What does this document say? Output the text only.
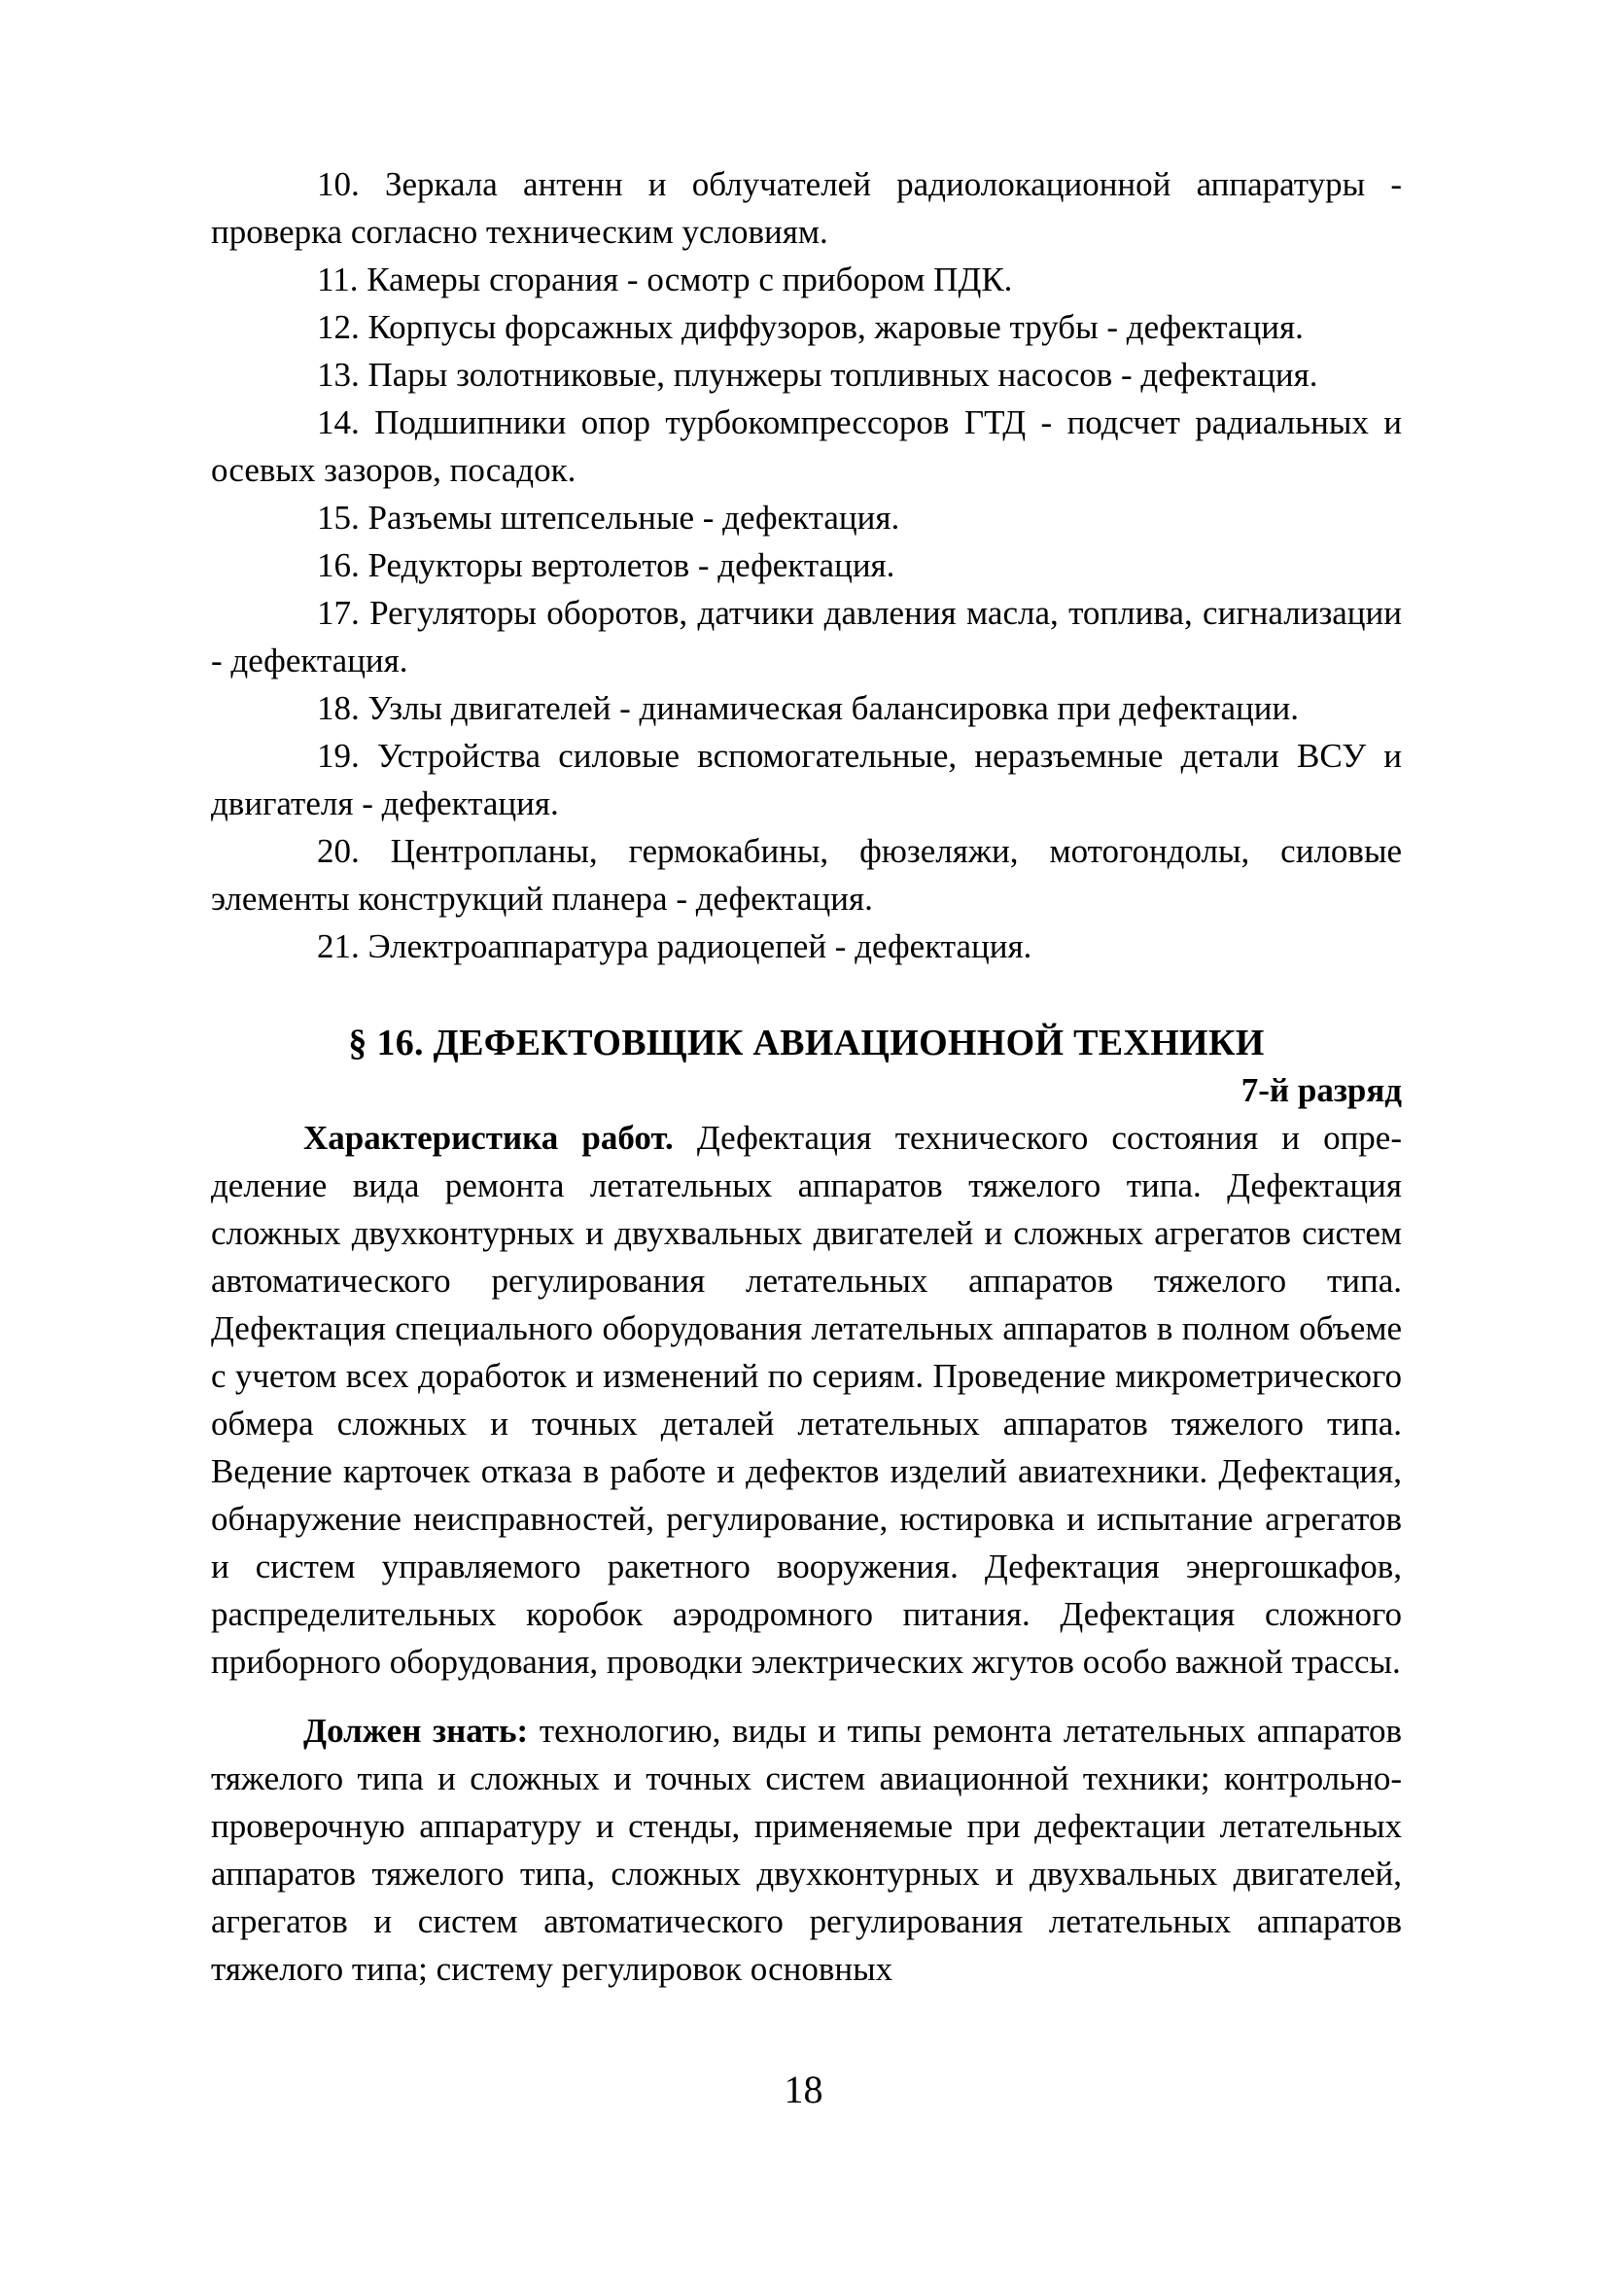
10. Зеркала антенн и облучателей радиолокационной аппаратуры - проверка согласно техническим условиям.
11. Камеры сгорания - осмотр с прибором ПДК.
12. Корпусы форсажных диффузоров, жаровые трубы - дефектация.
13. Пары золотниковые, плунжеры топливных насосов - дефектация.
14. Подшипники опор турбокомпрессоров ГТД - подсчет радиальных и осевых зазоров, посадок.
15. Разъемы штепсельные - дефектация.
16. Редукторы вертолетов - дефектация.
17. Регуляторы оборотов, датчики давления масла, топлива, сигнализации - дефектация.
18. Узлы двигателей - динамическая балансировка при дефектации.
19. Устройства силовые вспомогательные, неразъемные детали ВСУ и двигателя - дефектация.
20. Центропланы, гермокабины, фюзеляжи, мотогондолы, силовые элементы конструкций планера - дефектация.
21. Электроаппаратура радиоцепей - дефектация.
§ 16. ДЕФЕКТОВЩИК АВИАЦИОННОЙ ТЕХНИКИ

7-й разряд

Характеристика работ. Дефектация технического состояния и определение вида ремонта летательных аппаратов тяжелого типа. Дефектация сложных двухконтурных и двухвальных двигателей и сложных агрегатов систем автоматического регулирования летательных аппаратов тяжелого типа. Дефектация специального оборудования летательных аппаратов в полном объеме с учетом всех доработок и изменений по сериям. Проведение микрометрического обмера сложных и точных деталей летательных аппаратов тяжелого типа. Ведение карточек отказа в работе и дефектов изделий авиатехники. Дефектация, обнаружение неисправностей, регулирование, юстировка и испытание агрегатов и систем управляемого ракетного вооружения. Дефектация энергошкафов, распределительных коробок аэродромного питания. Дефектация сложного приборного оборудования, проводки электрических жгутов особо важной трассы.

Должен знать: технологию, виды и типы ремонта летательных аппаратов тяжелого типа и сложных и точных систем авиационной техники; контрольно-проверочную аппаратуру и стенды, применяемые при дефектации летательных аппаратов тяжелого типа, сложных двухконтурных и двухвальных двигателей, агрегатов и систем автоматического регулирования летательных аппаратов тяжелого типа; систему регулировок основных

18
